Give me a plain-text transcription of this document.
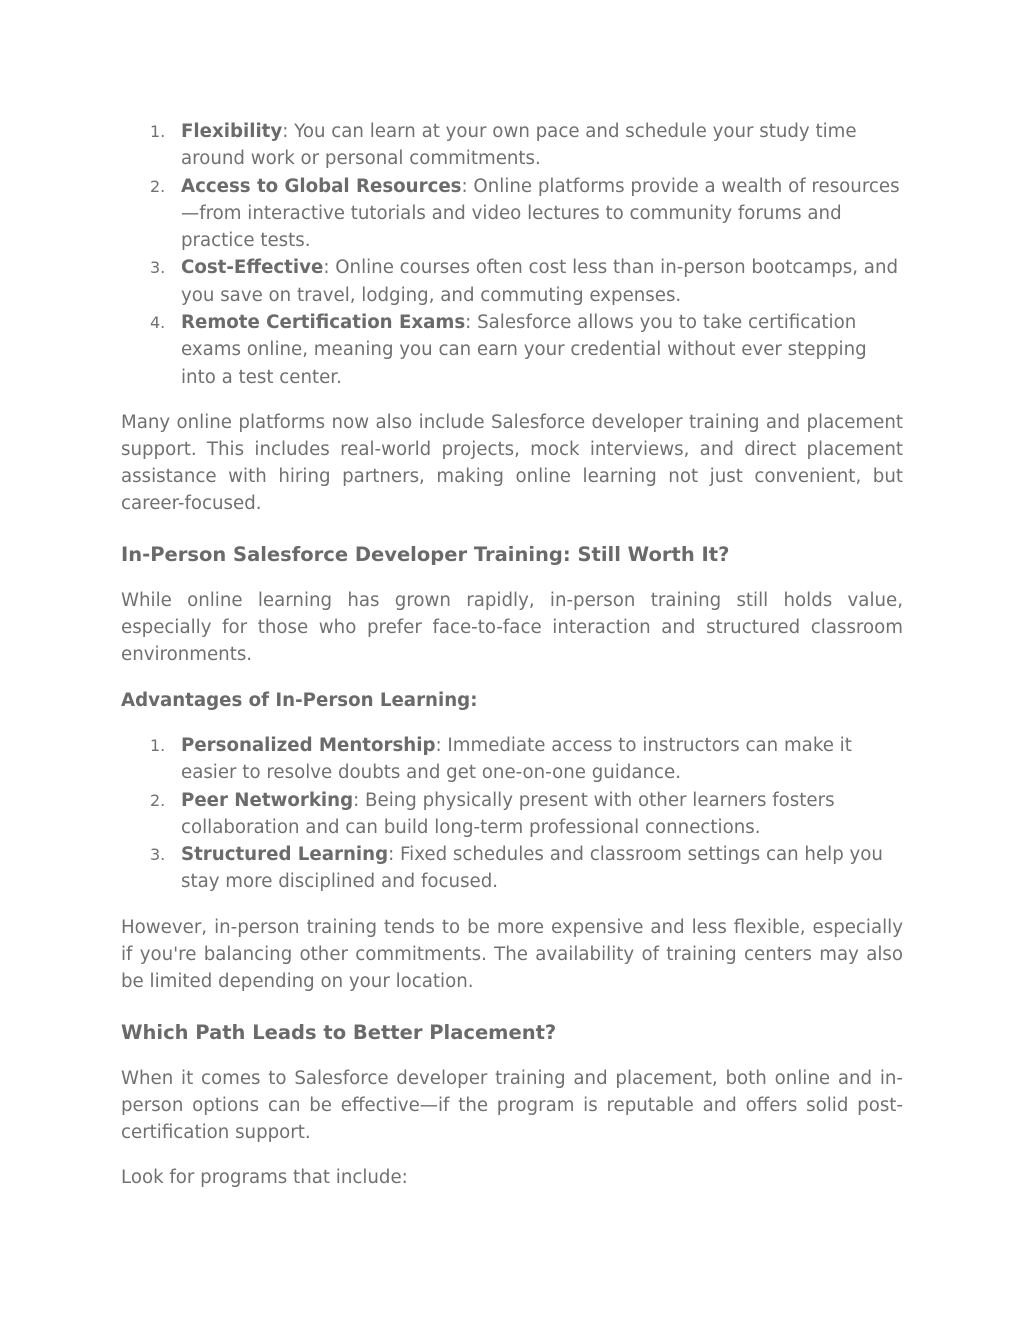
1. Flexibility: You can learn at your own pace and schedule your study time around work or personal commitments.
2. Access to Global Resources: Online platforms provide a wealth of resources—from interactive tutorials and video lectures to community forums and practice tests.
3. Cost-Effective: Online courses often cost less than in-person bootcamps, and you save on travel, lodging, and commuting expenses.
4. Remote Certification Exams: Salesforce allows you to take certification exams online, meaning you can earn your credential without ever stepping into a test center.

Many online platforms now also include Salesforce developer training and placement support. This includes real-world projects, mock interviews, and direct placement assistance with hiring partners, making online learning not just convenient, but career-focused.

In-Person Salesforce Developer Training: Still Worth It?

While online learning has grown rapidly, in-person training still holds value, especially for those who prefer face-to-face interaction and structured classroom environments.

Advantages of In-Person Learning:
1. Personalized Mentorship: Immediate access to instructors can make it easier to resolve doubts and get one-on-one guidance.
2. Peer Networking: Being physically present with other learners fosters collaboration and can build long-term professional connections.
3. Structured Learning: Fixed schedules and classroom settings can help you stay more disciplined and focused.

However, in-person training tends to be more expensive and less flexible, especially if you're balancing other commitments. The availability of training centers may also be limited depending on your location.

Which Path Leads to Better Placement?

When it comes to Salesforce developer training and placement, both online and in-person options can be effective—if the program is reputable and offers solid post-certification support.

Look for programs that include:
